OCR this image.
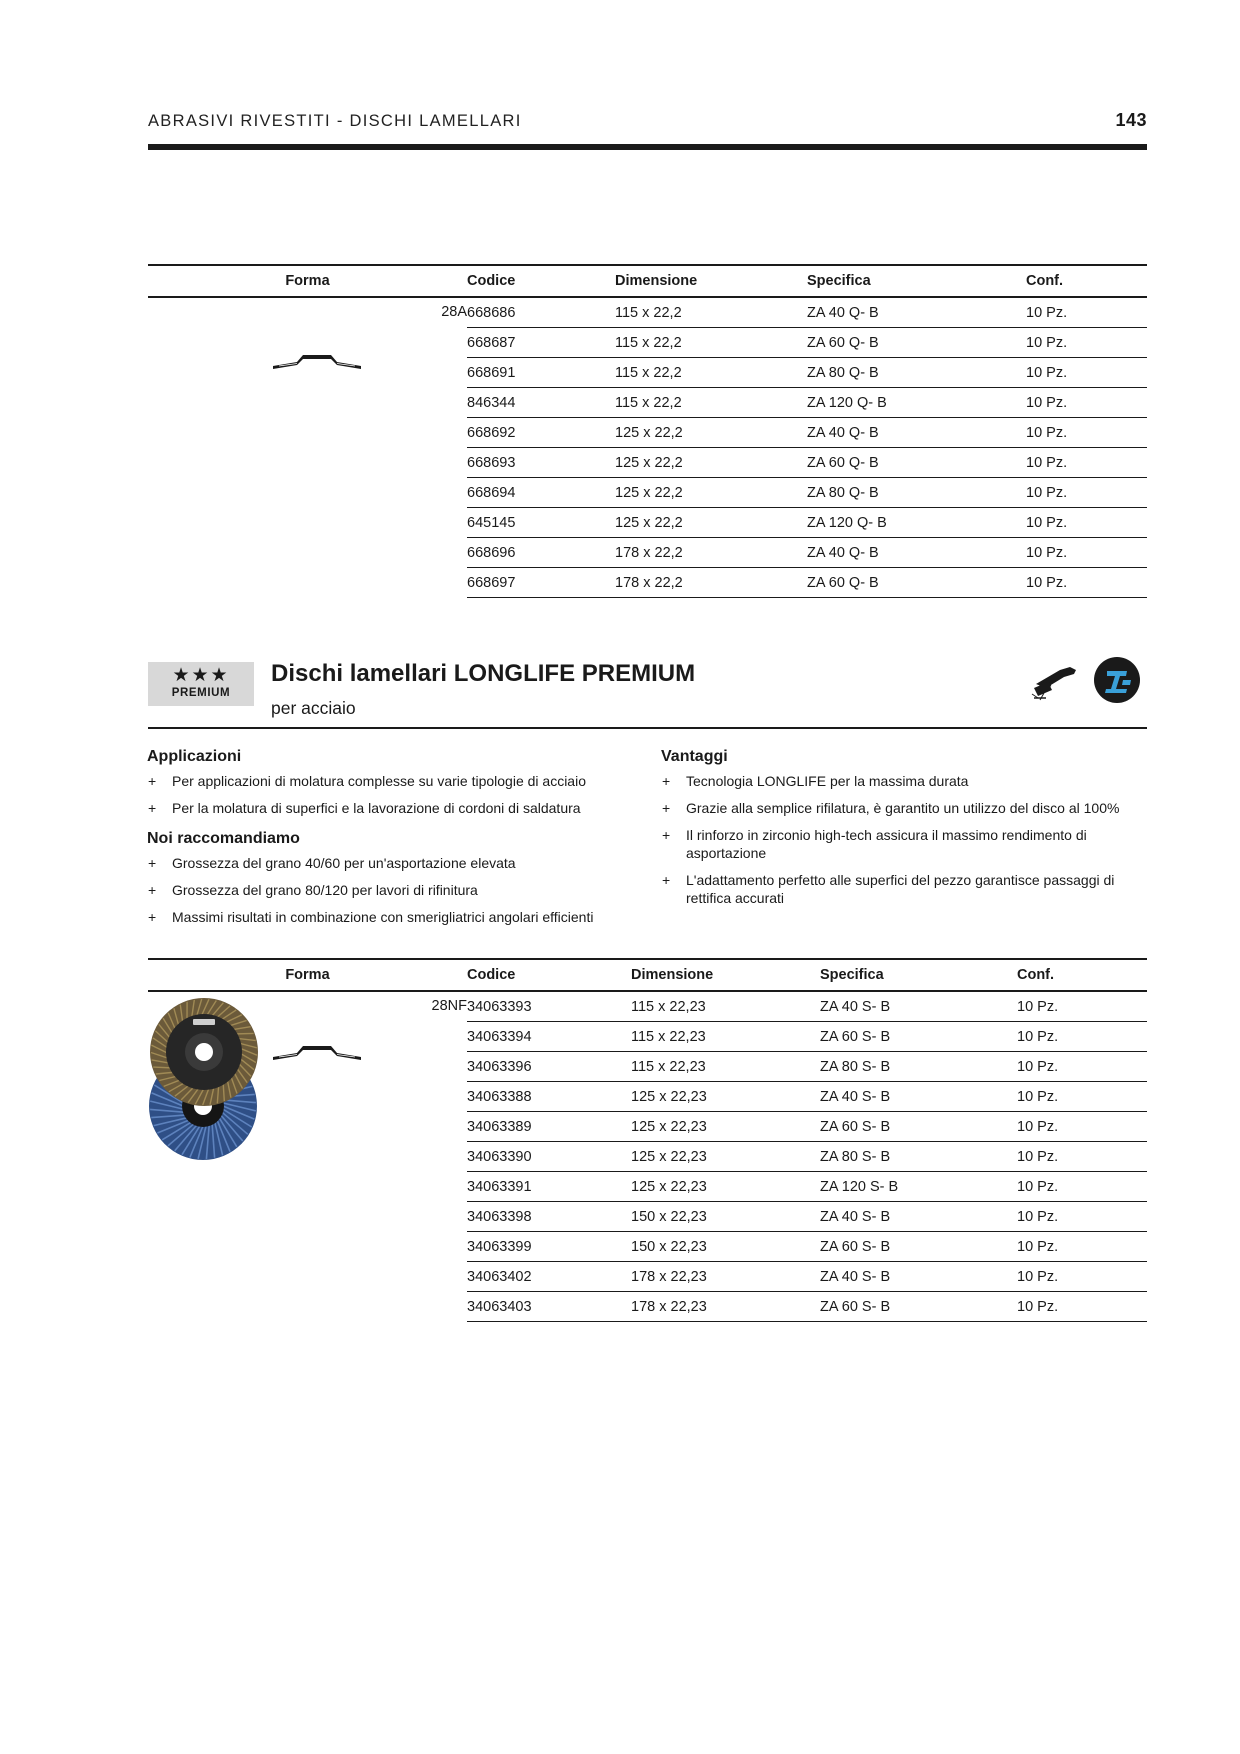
ABRASIVI RIVESTITI - DISCHI LAMELLARI	143
Forma	Codice	Dimensione	Specifica	Conf.

28A	668686	115 x 22,2	ZA 40 Q- B	10 Pz.
	668687	115 x 22,2	ZA 60 Q- B	10 Pz.
	668691	115 x 22,2	ZA 80 Q- B	10 Pz.
	846344	115 x 22,2	ZA 120 Q- B	10 Pz.
	668692	125 x 22,2	ZA 40 Q- B	10 Pz.
	668693	125 x 22,2	ZA 60 Q- B	10 Pz.
	668694	125 x 22,2	ZA 80 Q- B	10 Pz.
	645145	125 x 22,2	ZA 120 Q- B	10 Pz.
	668696	178 x 22,2	ZA 40 Q- B	10 Pz.
	668697	178 x 22,2	ZA 60 Q- B	10 Pz.
★★★
PREMIUM
Dischi lamellari LONGLIFE PREMIUM
per acciaio
Applicazioni
+ Per applicazioni di molatura complesse su varie tipologie di acciaio
+ Per la molatura di superfici e la lavorazione di cordoni di saldatura
Noi raccomandiamo
+ Grossezza del grano 40/60 per un'asportazione elevata
+ Grossezza del grano 80/120 per lavori di rifinitura
+ Massimi risultati in combinazione con smerigliatrici angolari efficienti
Vantaggi
+ Tecnologia LONGLIFE per la massima durata
+ Grazie alla semplice rifilatura, è garantito un utilizzo del disco al 100%
+ Il rinforzo in zirconio high-tech assicura il massimo rendimento di asportazione
+ L'adattamento perfetto alle superfici del pezzo garantisce passaggi di rettifica accurati
Forma	Codice	Dimensione	Specifica	Conf.

28NF	34063393	115 x 22,23	ZA 40 S- B	10 Pz.
	34063394	115 x 22,23	ZA 60 S- B	10 Pz.
	34063396	115 x 22,23	ZA 80 S- B	10 Pz.
	34063388	125 x 22,23	ZA 40 S- B	10 Pz.
	34063389	125 x 22,23	ZA 60 S- B	10 Pz.
	34063390	125 x 22,23	ZA 80 S- B	10 Pz.
	34063391	125 x 22,23	ZA 120 S- B	10 Pz.
	34063398	150 x 22,23	ZA 40 S- B	10 Pz.
	34063399	150 x 22,23	ZA 60 S- B	10 Pz.
	34063402	178 x 22,23	ZA 40 S- B	10 Pz.
	34063403	178 x 22,23	ZA 60 S- B	10 Pz.
